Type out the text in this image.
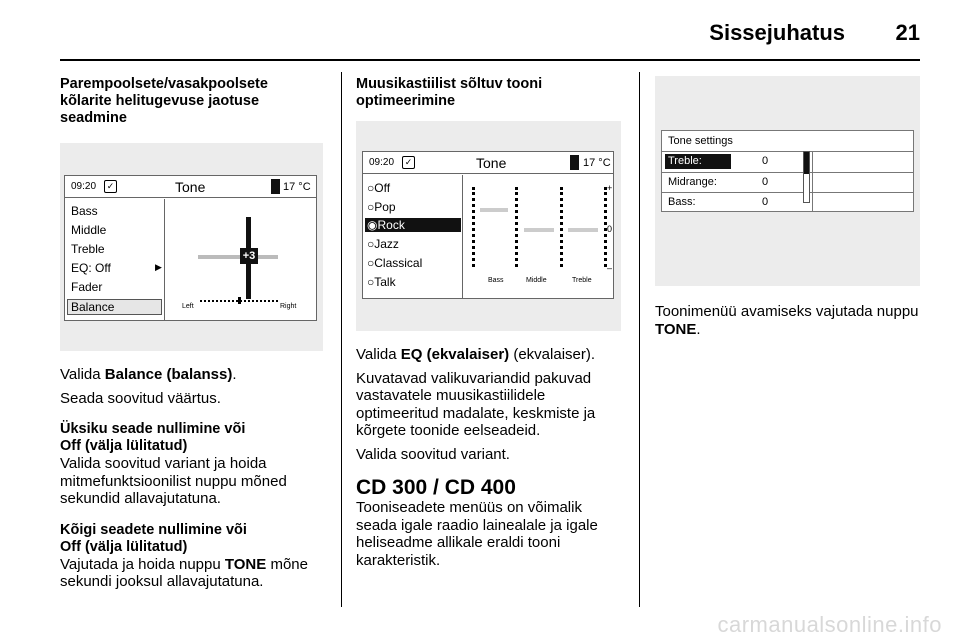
Sissejuhatus 21
Parempoolsete/vasakpoolsete kõlarite helitugevuse jaotuse seadmine
09:20	✓	Tone	17 °C
Bass
Middle
Treble
EQ: Off	▶
Fader
Balance
+3
Left	Right

Valida Balance (balanss).

Seada soovitud väärtus.

Üksiku seade nullimine või
Off (välja lülitatud)

Valida soovitud variant ja hoida mitmefunktsioonilist nuppu mõned sekundid allavajutatuna.

Kõigi seadete nullimine või
Off (välja lülitatud)

Vajutada ja hoida nuppu TONE mõne sekundi jooksul allavajutatuna.

Muusikastiilist sõltuv tooni optimeerimine
09:20	✓	Tone	17 °C
○Off
○Pop
◉Rock
○Jazz
○Classical
○Talk
+
0
–
Bass	Middle	Treble

Valida EQ (ekvalaiser) (ekvalaiser).

Kuvatavad valikuvariandid pakuvad vastavatele muusikastiilidele optimeeritud madalate, keskmiste ja kõrgete toonide eelseadeid.

Valida soovitud variant.

CD 300 / CD 400

Tooniseadete menüüs on võimalik seada igale raadio lainealale ja igale heliseadme allikale eraldi tooni karakteristik.

Tone settings
Treble:	0
Midrange:	0
Bass:	0

Toonimenüü avamiseks vajutada nuppu TONE.

carmanualsonline.info
